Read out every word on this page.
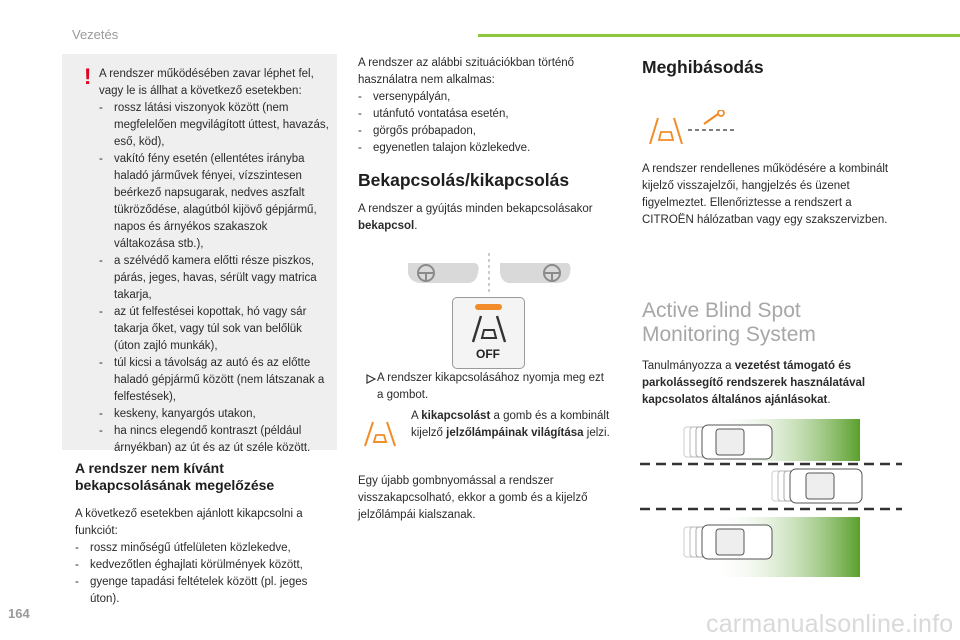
Vezetés
! A rendszer működésében zavar léphet fel, vagy le is állhat a következő esetekben:

- rossz látási viszonyok között (nem megfelelően megvilágított úttest, havazás, eső, köd),
- vakító fény esetén (ellentétes irányba haladó járművek fényei, vízszintesen beérkező napsugarak, nedves aszfalt tükröződése, alagútból kijövő gépjármű, napos és árnyékos szakaszok váltakozása stb.),
- a szélvédő kamera előtti része piszkos, párás, jeges, havas, sérült vagy matrica takarja,
- az út felfestései kopottak, hó vagy sár takarja őket, vagy túl sok van belőlük (úton zajló munkák),
- túl kicsi a távolság az autó és az előtte haladó gépjármű között (nem látszanak a felfestések),
- keskeny, kanyargós utakon,
- ha nincs elegendő kontraszt (például árnyékban) az út és az út széle között.
A rendszer nem kívánt bekapcsolásának megelőzése

A következő esetekben ajánlott kikapcsolni a funkciót:

- rossz minőségű útfelületen közlekedve,
- kedvezőtlen éghajlati körülmények között,
- gyenge tapadási feltételek között (pl. jeges úton).

A rendszer az alábbi szituációkban történő használatra nem alkalmas:

- versenypályán,
- utánfutó vontatása esetén,
- görgős próbapadon,
- egyenetlen talajon közlekedve.
Bekapcsolás/kikapcsolás
A rendszer a gyújtás minden bekapcsolásakor bekapcsol.
OFF
A rendszer kikapcsolásához nyomja meg ezt a gombot.
A kikapcsolást a gomb és a kombinált kijelző jelzőlámpáinak világítása jelzi.
Egy újabb gombnyomással a rendszer visszakapcsolható, ekkor a gomb és a kijelző jelzőlámpái kialszanak.
Meghibásodás
A rendszer rendellenes működésére a kombinált kijelző visszajelzői, hangjelzés és üzenet figyelmeztet. Ellenőriztesse a rendszert a CITROËN hálózatban vagy egy szakszervizben.
Active Blind Spot Monitoring System
Tanulmányozza a vezetést támogató és parkolássegítő rendszerek használatával kapcsolatos általános ajánlásokat.
164	carmanualsonline.info
